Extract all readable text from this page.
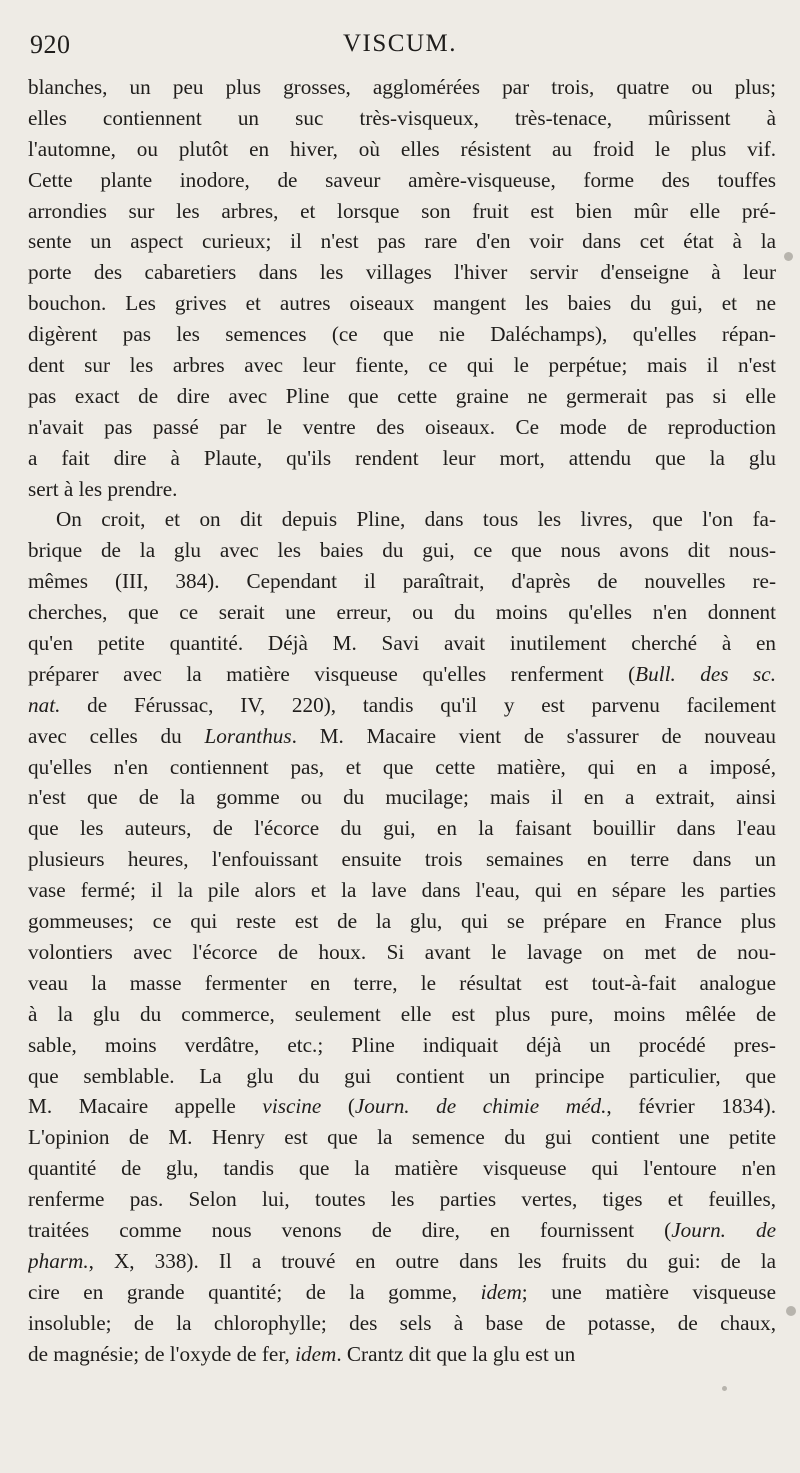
920	VISCUM.
blanches, un peu plus grosses, agglomérées par trois, quatre ou plus;
elles contiennent un suc très-visqueux, très-tenace, mûrissent à
l'automne, ou plutôt en hiver, où elles résistent au froid le plus vif.
Cette plante inodore, de saveur amère-visqueuse, forme des touffes
arrondies sur les arbres, et lorsque son fruit est bien mûr elle pré-
sente un aspect curieux; il n'est pas rare d'en voir dans cet état à la
porte des cabaretiers dans les villages l'hiver servir d'enseigne à leur
bouchon. Les grives et autres oiseaux mangent les baies du gui, et ne
digèrent pas les semences (ce que nie Daléchamps), qu'elles répan-
dent sur les arbres avec leur fiente, ce qui le perpétue; mais il n'est
pas exact de dire avec Pline que cette graine ne germerait pas si elle
n'avait pas passé par le ventre des oiseaux. Ce mode de reproduction
a fait dire à Plaute, qu'ils rendent leur mort, attendu que la glu
sert à les prendre.
On croit, et on dit depuis Pline, dans tous les livres, que l'on fa-
brique de la glu avec les baies du gui, ce que nous avons dit nous-
mêmes (III, 384). Cependant il paraîtrait, d'après de nouvelles re-
cherches, que ce serait une erreur, ou du moins qu'elles n'en donnent
qu'en petite quantité. Déjà M. Savi avait inutilement cherché à en
préparer avec la matière visqueuse qu'elles renferment (Bull. des sc.
nat. de Férussac, IV, 220), tandis qu'il y est parvenu facilement
avec celles du Loranthus. M. Macaire vient de s'assurer de nouveau
qu'elles n'en contiennent pas, et que cette matière, qui en a imposé,
n'est que de la gomme ou du mucilage; mais il en a extrait, ainsi
que les auteurs, de l'écorce du gui, en la faisant bouillir dans l'eau
plusieurs heures, l'enfouissant ensuite trois semaines en terre dans un
vase fermé; il la pile alors et la lave dans l'eau, qui en sépare les parties
gommeuses; ce qui reste est de la glu, qui se prépare en France plus
volontiers avec l'écorce de houx. Si avant le lavage on met de nou-
veau la masse fermenter en terre, le résultat est tout-à-fait analogue
à la glu du commerce, seulement elle est plus pure, moins mêlée de
sable, moins verdâtre, etc.; Pline indiquait déjà un procédé pres-
que semblable. La glu du gui contient un principe particulier, que
M. Macaire appelle viscine (Journ. de chimie méd., février 1834).
L'opinion de M. Henry est que la semence du gui contient une petite
quantité de glu, tandis que la matière visqueuse qui l'entoure n'en
renferme pas. Selon lui, toutes les parties vertes, tiges et feuilles,
traitées comme nous venons de dire, en fournissent (Journ. de
pharm., X, 338). Il a trouvé en outre dans les fruits du gui: de la
cire en grande quantité; de la gomme, idem; une matière visqueuse
insoluble; de la chlorophylle; des sels à base de potasse, de chaux,
de magnésie; de l'oxyde de fer, idem. Crantz dit que la glu est un
